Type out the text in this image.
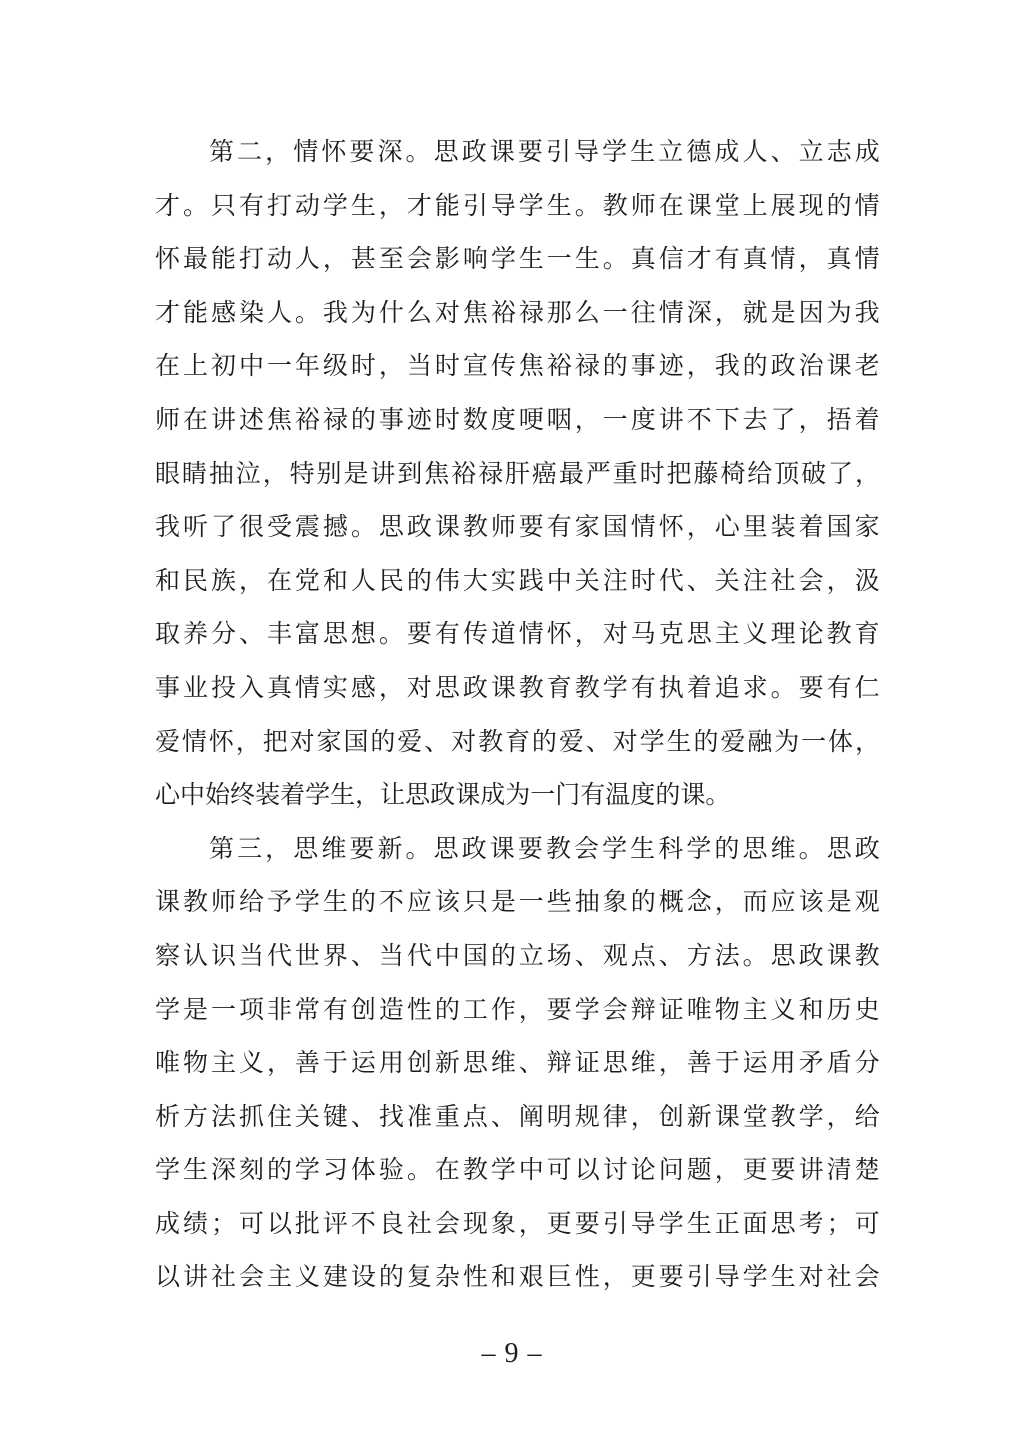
第 二 ， 情 怀 要 深 。 思 政 课 要 引 导 学 生 立 德 成 人 、 立 志 成
才 。 只 有 打 动 学 生 ， 才 能 引 导 学 生 。 教 师 在 课 堂 上 展 现 的 情
怀 最 能 打 动 人 ， 甚 至 会 影 响 学 生 一 生 。 真 信 才 有 真 情 ， 真 情
才 能 感 染 人 。 我 为 什 么 对 焦 裕 禄 那 么 一 往 情 深 ， 就 是 因 为 我
在 上 初 中 一 年 级 时 ， 当 时 宣 传 焦 裕 禄 的 事 迹 ， 我 的 政 治 课 老
师 在 讲 述 焦 裕 禄 的 事 迹 时 数 度 哽 咽 ， 一 度 讲 不 下 去 了 ， 捂 着
眼 睛 抽 泣 ， 特 别 是 讲 到 焦 裕 禄 肝 癌 最 严 重 时 把 藤 椅 给 顶 破 了 ，
我 听 了 很 受 震 撼 。 思 政 课 教 师 要 有 家 国 情 怀 ， 心 里 装 着 国 家
和 民 族 ， 在 党 和 人 民 的 伟 大 实 践 中 关 注 时 代 、 关 注 社 会 ， 汲
取 养 分 、 丰 富 思 想 。 要 有 传 道 情 怀 ， 对 马 克 思 主 义 理 论 教 育
事 业 投 入 真 情 实 感 ， 对 思 政 课 教 育 教 学 有 执 着 追 求 。 要 有 仁
爱 情 怀 ， 把 对 家 国 的 爱 、 对 教 育 的 爱 、 对 学 生 的 爱 融 为 一 体 ，
心 中 始 终 装 着 学 生 ， 让 思 政 课 成 为 一 门 有 温 度 的 课 。
第 三 ， 思 维 要 新 。 思 政 课 要 教 会 学 生 科 学 的 思 维 。 思 政
课 教 师 给 予 学 生 的 不 应 该 只 是 一 些 抽 象 的 概 念 ， 而 应 该 是 观
察 认 识 当 代 世 界 、 当 代 中 国 的 立 场 、 观 点 、 方 法 。 思 政 课 教
学 是 一 项 非 常 有 创 造 性 的 工 作 ， 要 学 会 辩 证 唯 物 主 义 和 历 史
唯 物 主 义 ， 善 于 运 用 创 新 思 维 、 辩 证 思 维 ， 善 于 运 用 矛 盾 分
析 方 法 抓 住 关 键 、 找 准 重 点 、 阐 明 规 律 ， 创 新 课 堂 教 学 ， 给
学 生 深 刻 的 学 习 体 验 。 在 教 学 中 可 以 讨 论 问 题 ， 更 要 讲 清 楚
成 绩 ； 可 以 批 评 不 良 社 会 现 象 ， 更 要 引 导 学 生 正 面 思 考 ； 可
以 讲 社 会 主 义 建 设 的 复 杂 性 和 艰 巨 性 ， 更 要 引 导 学 生 对 社 会
– 9 –
